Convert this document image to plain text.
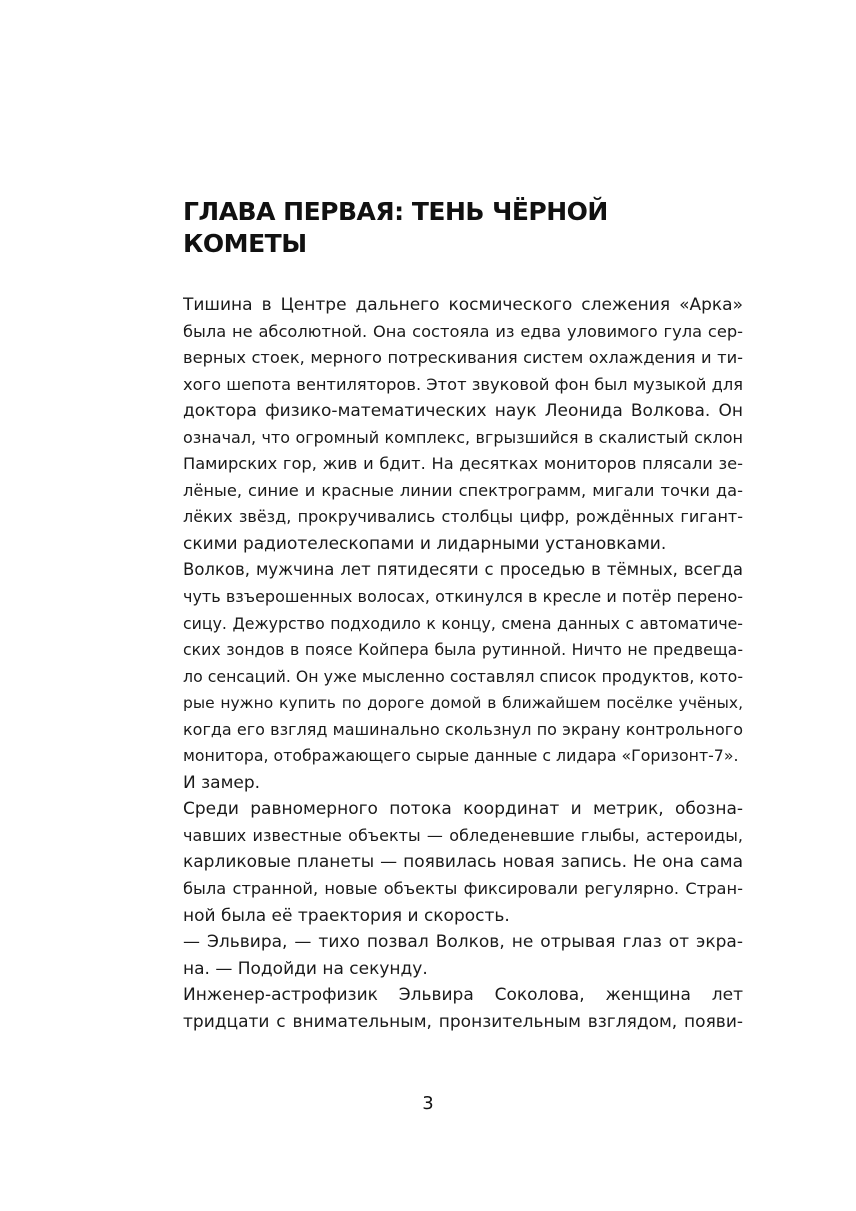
ГЛАВА ПЕРВАЯ: ТЕНЬ ЧЁРНОЙ
КОМЕТЫ
Тишина в Центре дальнего космического слежения «Арка»
была не абсолютной. Она состояла из едва уловимого гула сер-
верных стоек, мерного потрескивания систем охлаждения и ти-
хого шепота вентиляторов. Этот звуковой фон был музыкой для
доктора физико-математических наук Леонида Волкова. Он
означал, что огромный комплекс, вгрызшийся в скалистый склон
Памирских гор, жив и бдит. На десятках мониторов плясали зе-
лёные, синие и красные линии спектрограмм, мигали точки да-
лёких звёзд, прокручивались столбцы цифр, рождённых гигант-
скими радиотелескопами и лидарными установками.
Волков, мужчина лет пятидесяти с проседью в тёмных, всегда
чуть взъерошенных волосах, откинулся в кресле и потёр перено-
сицу. Дежурство подходило к концу, смена данных с автоматиче-
ских зондов в поясе Койпера была рутинной. Ничто не предвеща-
ло сенсаций. Он уже мысленно составлял список продуктов, кото-
рые нужно купить по дороге домой в ближайшем посёлке учёных,
когда его взгляд машинально скользнул по экрану контрольного
монитора, отображающего сырые данные с лидара «Горизонт-7».
И замер.
Среди равномерного потока координат и метрик, обозна-
чавших известные объекты — обледеневшие глыбы, астероиды,
карликовые планеты — появилась новая запись. Не она сама
была странной, новые объекты фиксировали регулярно. Стран-
ной была её траектория и скорость.
— Эльвира, — тихо позвал Волков, не отрывая глаз от экра-
на. — Подойди на секунду.
Инженер-астрофизик Эльвира Соколова, женщина лет
тридцати с внимательным, пронзительным взглядом, появи-
3
